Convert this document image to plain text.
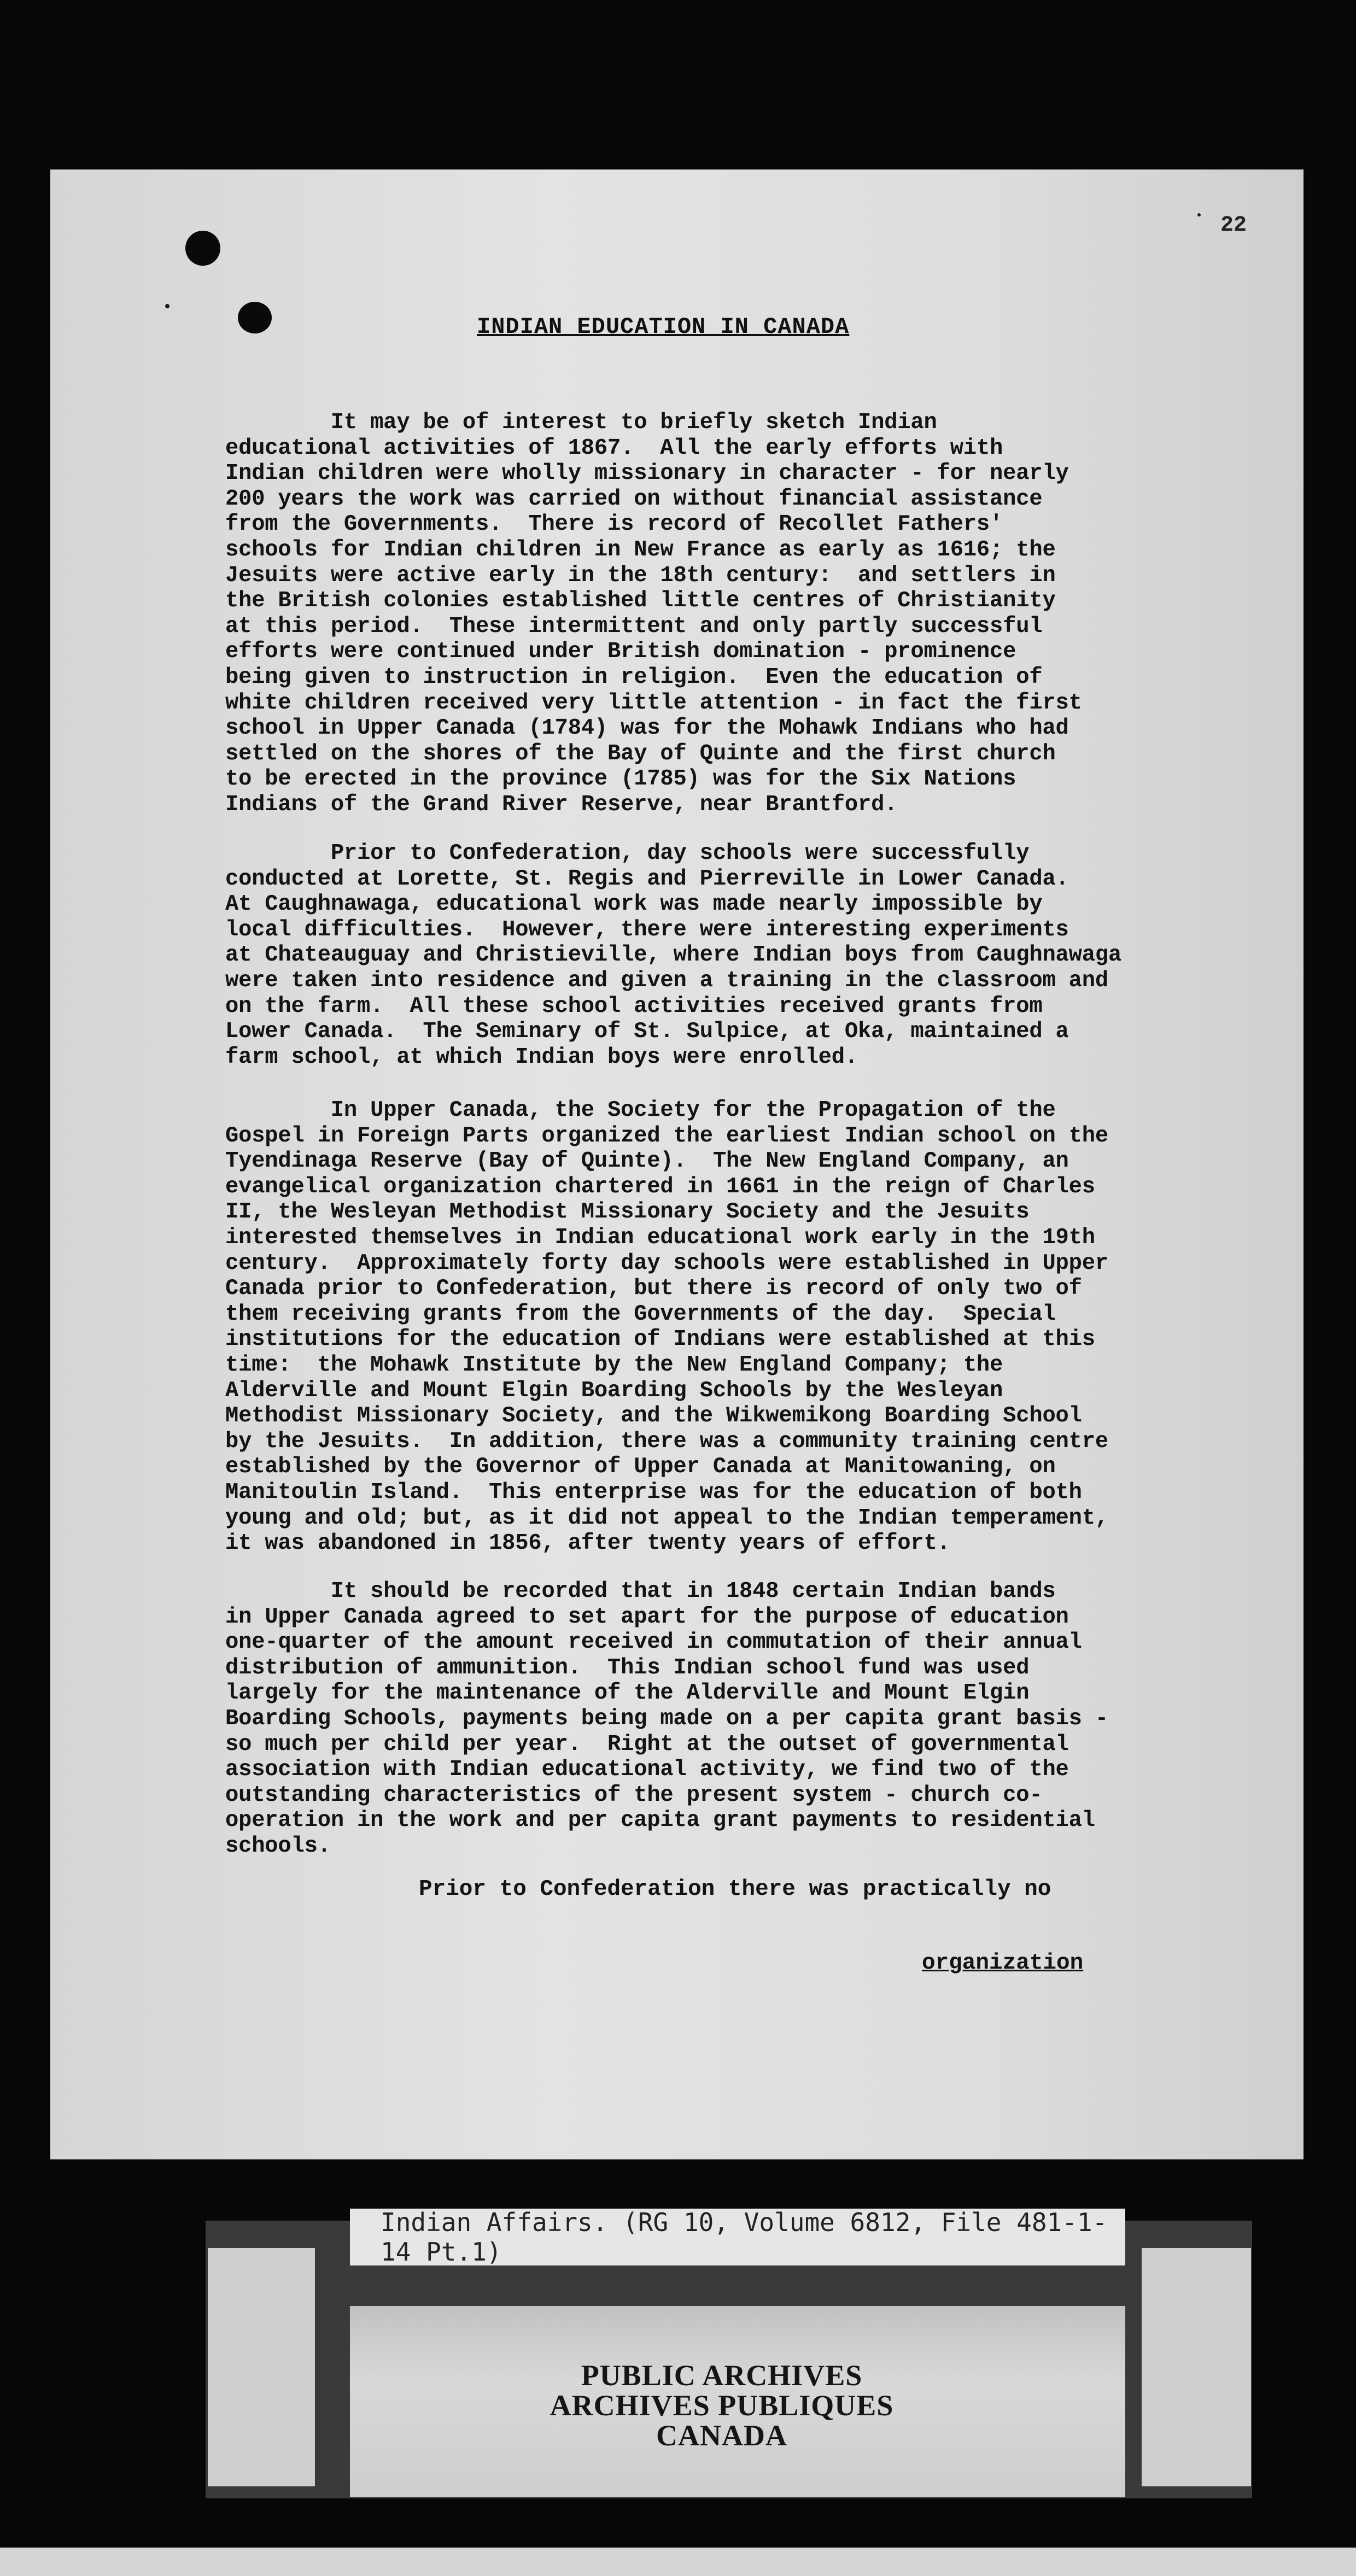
22
INDIAN EDUCATION IN CANADA

It may be of interest to briefly sketch Indian
educational activities of 1867.  All the early efforts with
Indian children were wholly missionary in character - for nearly
200 years the work was carried on without financial assistance
from the Governments.  There is record of Recollet Fathers'
schools for Indian children in New France as early as 1616; the
Jesuits were active early in the 18th century:  and settlers in
the British colonies established little centres of Christianity
at this period.  These intermittent and only partly successful
efforts were continued under British domination - prominence
being given to instruction in religion.  Even the education of
white children received very little attention - in fact the first
school in Upper Canada (1784) was for the Mohawk Indians who had
settled on the shores of the Bay of Quinte and the first church
to be erected in the province (1785) was for the Six Nations
Indians of the Grand River Reserve, near Brantford.

Prior to Confederation, day schools were successfully
conducted at Lorette, St. Regis and Pierreville in Lower Canada.
At Caughnawaga, educational work was made nearly impossible by
local difficulties.  However, there were interesting experiments
at Chateauguay and Christieville, where Indian boys from Caughnawaga
were taken into residence and given a training in the classroom and
on the farm.  All these school activities received grants from
Lower Canada.  The Seminary of St. Sulpice, at Oka, maintained a
farm school, at which Indian boys were enrolled.

In Upper Canada, the Society for the Propagation of the
Gospel in Foreign Parts organized the earliest Indian school on the
Tyendinaga Reserve (Bay of Quinte).  The New England Company, an
evangelical organization chartered in 1661 in the reign of Charles
II, the Wesleyan Methodist Missionary Society and the Jesuits
interested themselves in Indian educational work early in the 19th
century.  Approximately forty day schools were established in Upper
Canada prior to Confederation, but there is record of only two of
them receiving grants from the Governments of the day.  Special
institutions for the education of Indians were established at this
time:  the Mohawk Institute by the New England Company; the
Alderville and Mount Elgin Boarding Schools by the Wesleyan
Methodist Missionary Society, and the Wikwemikong Boarding School
by the Jesuits.  In addition, there was a community training centre
established by the Governor of Upper Canada at Manitowaning, on
Manitoulin Island.  This enterprise was for the education of both
young and old; but, as it did not appeal to the Indian temperament,
it was abandoned in 1856, after twenty years of effort.

It should be recorded that in 1848 certain Indian bands
in Upper Canada agreed to set apart for the purpose of education
one-quarter of the amount received in commutation of their annual
distribution of ammunition.  This Indian school fund was used
largely for the maintenance of the Alderville and Mount Elgin
Boarding Schools, payments being made on a per capita grant basis -
so much per child per year.  Right at the outset of governmental
association with Indian educational activity, we find two of the
outstanding characteristics of the present system - church co-
operation in the work and per capita grant payments to residential
schools.

Prior to Confederation there was practically no
organization
Indian Affairs. (RG 10, Volume 6812, File 481-1-14 Pt.1)
PUBLIC ARCHIVES
ARCHIVES PUBLIQUES
CANADA
